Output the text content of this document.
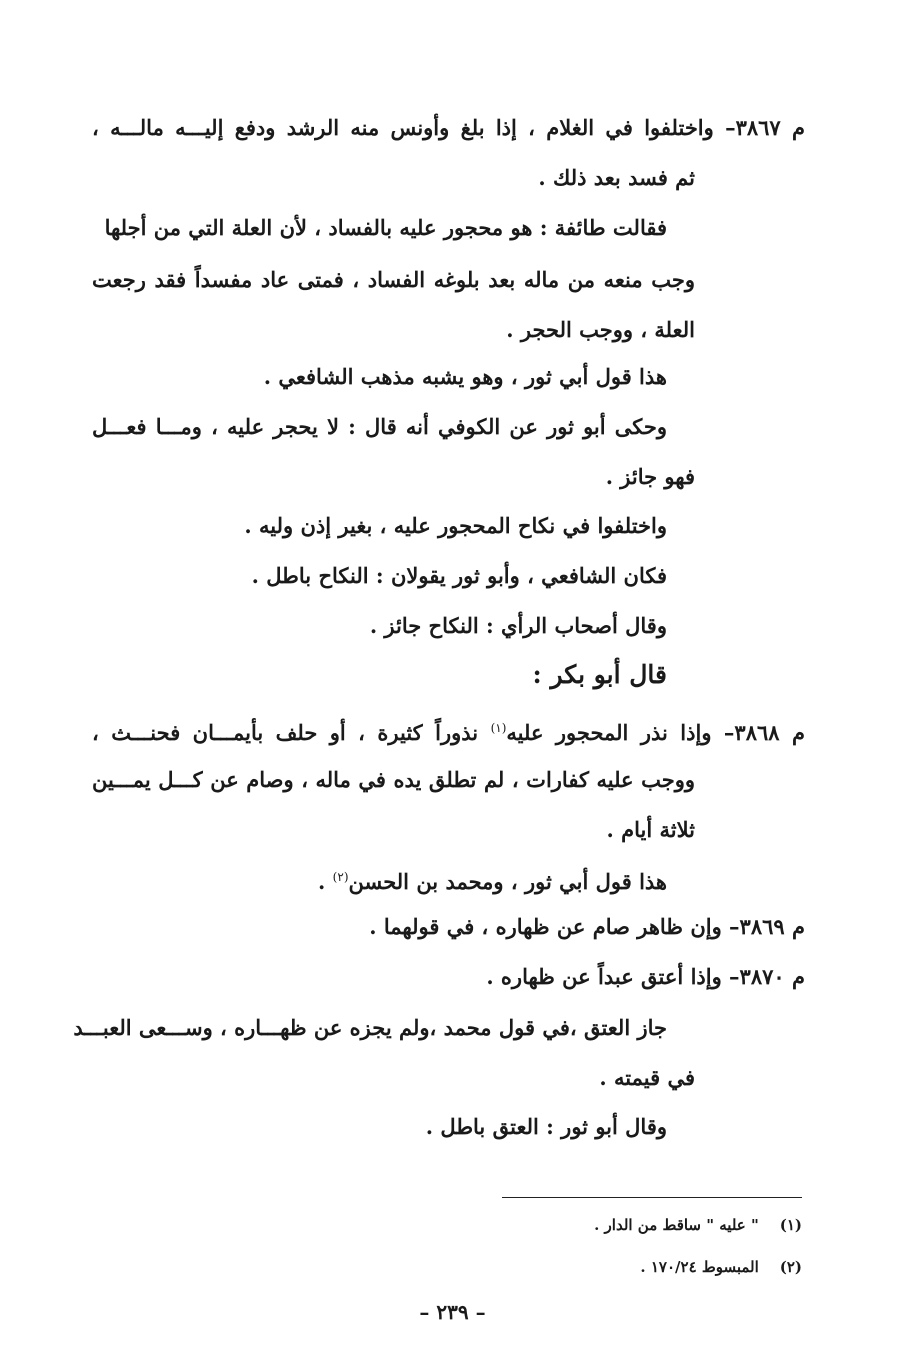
م ٣٨٦٧– واختلفوا في الغلام ، إذا بلغ وأونس منه الرشد ودفع إليـــه مالـــه ،
ثم فسد بعد ذلك .
فقالت طائفة : هو محجور عليه بالفساد ، لأن العلة التي من أجلها
وجب منعه من ماله بعد بلوغه الفساد ، فمتى عاد مفسداً فقد رجعت
العلة ، ووجب الحجر .
هذا قول أبي ثور ، وهو يشبه مذهب الشافعي .
وحكى أبو ثور عن الكوفي أنه قال : لا يحجر عليه ، ومـــا فعـــل
فهو جائز .
واختلفوا في نكاح المحجور عليه ، بغير إذن وليه .
فكان الشافعي ، وأبو ثور يقولان : النكاح باطل .
وقال أصحاب الرأي : النكاح جائز .
قال أبو بكر :
م ٣٨٦٨– وإذا نذر المحجور عليه$^{(١)}$ نذوراً كثيرة ، أو حلف بأيمـــان فحنـــث ،
ووجب عليه كفارات ، لم تطلق يده في ماله ، وصام عن كـــل يمـــين
ثلاثة أيام .
هذا قول أبي ثور ، ومحمد بن الحسن$^{(٢)}$ .
م ٣٨٦٩– وإن ظاهر صام عن ظهاره ، في قولهما .
م ٣٨٧٠– وإذا أعتق عبداً عن ظهاره .
جاز العتق ،في قول محمد ،ولم يجزه عن ظهـــاره ، وســـعى العبـــد
في قيمته .
وقال أبو ثور : العتق باطل .
(١)    " عليه " ساقط من الدار .
(٢)    المبسوط ١٧٠/٢٤ .
– ٢٣٩ –
